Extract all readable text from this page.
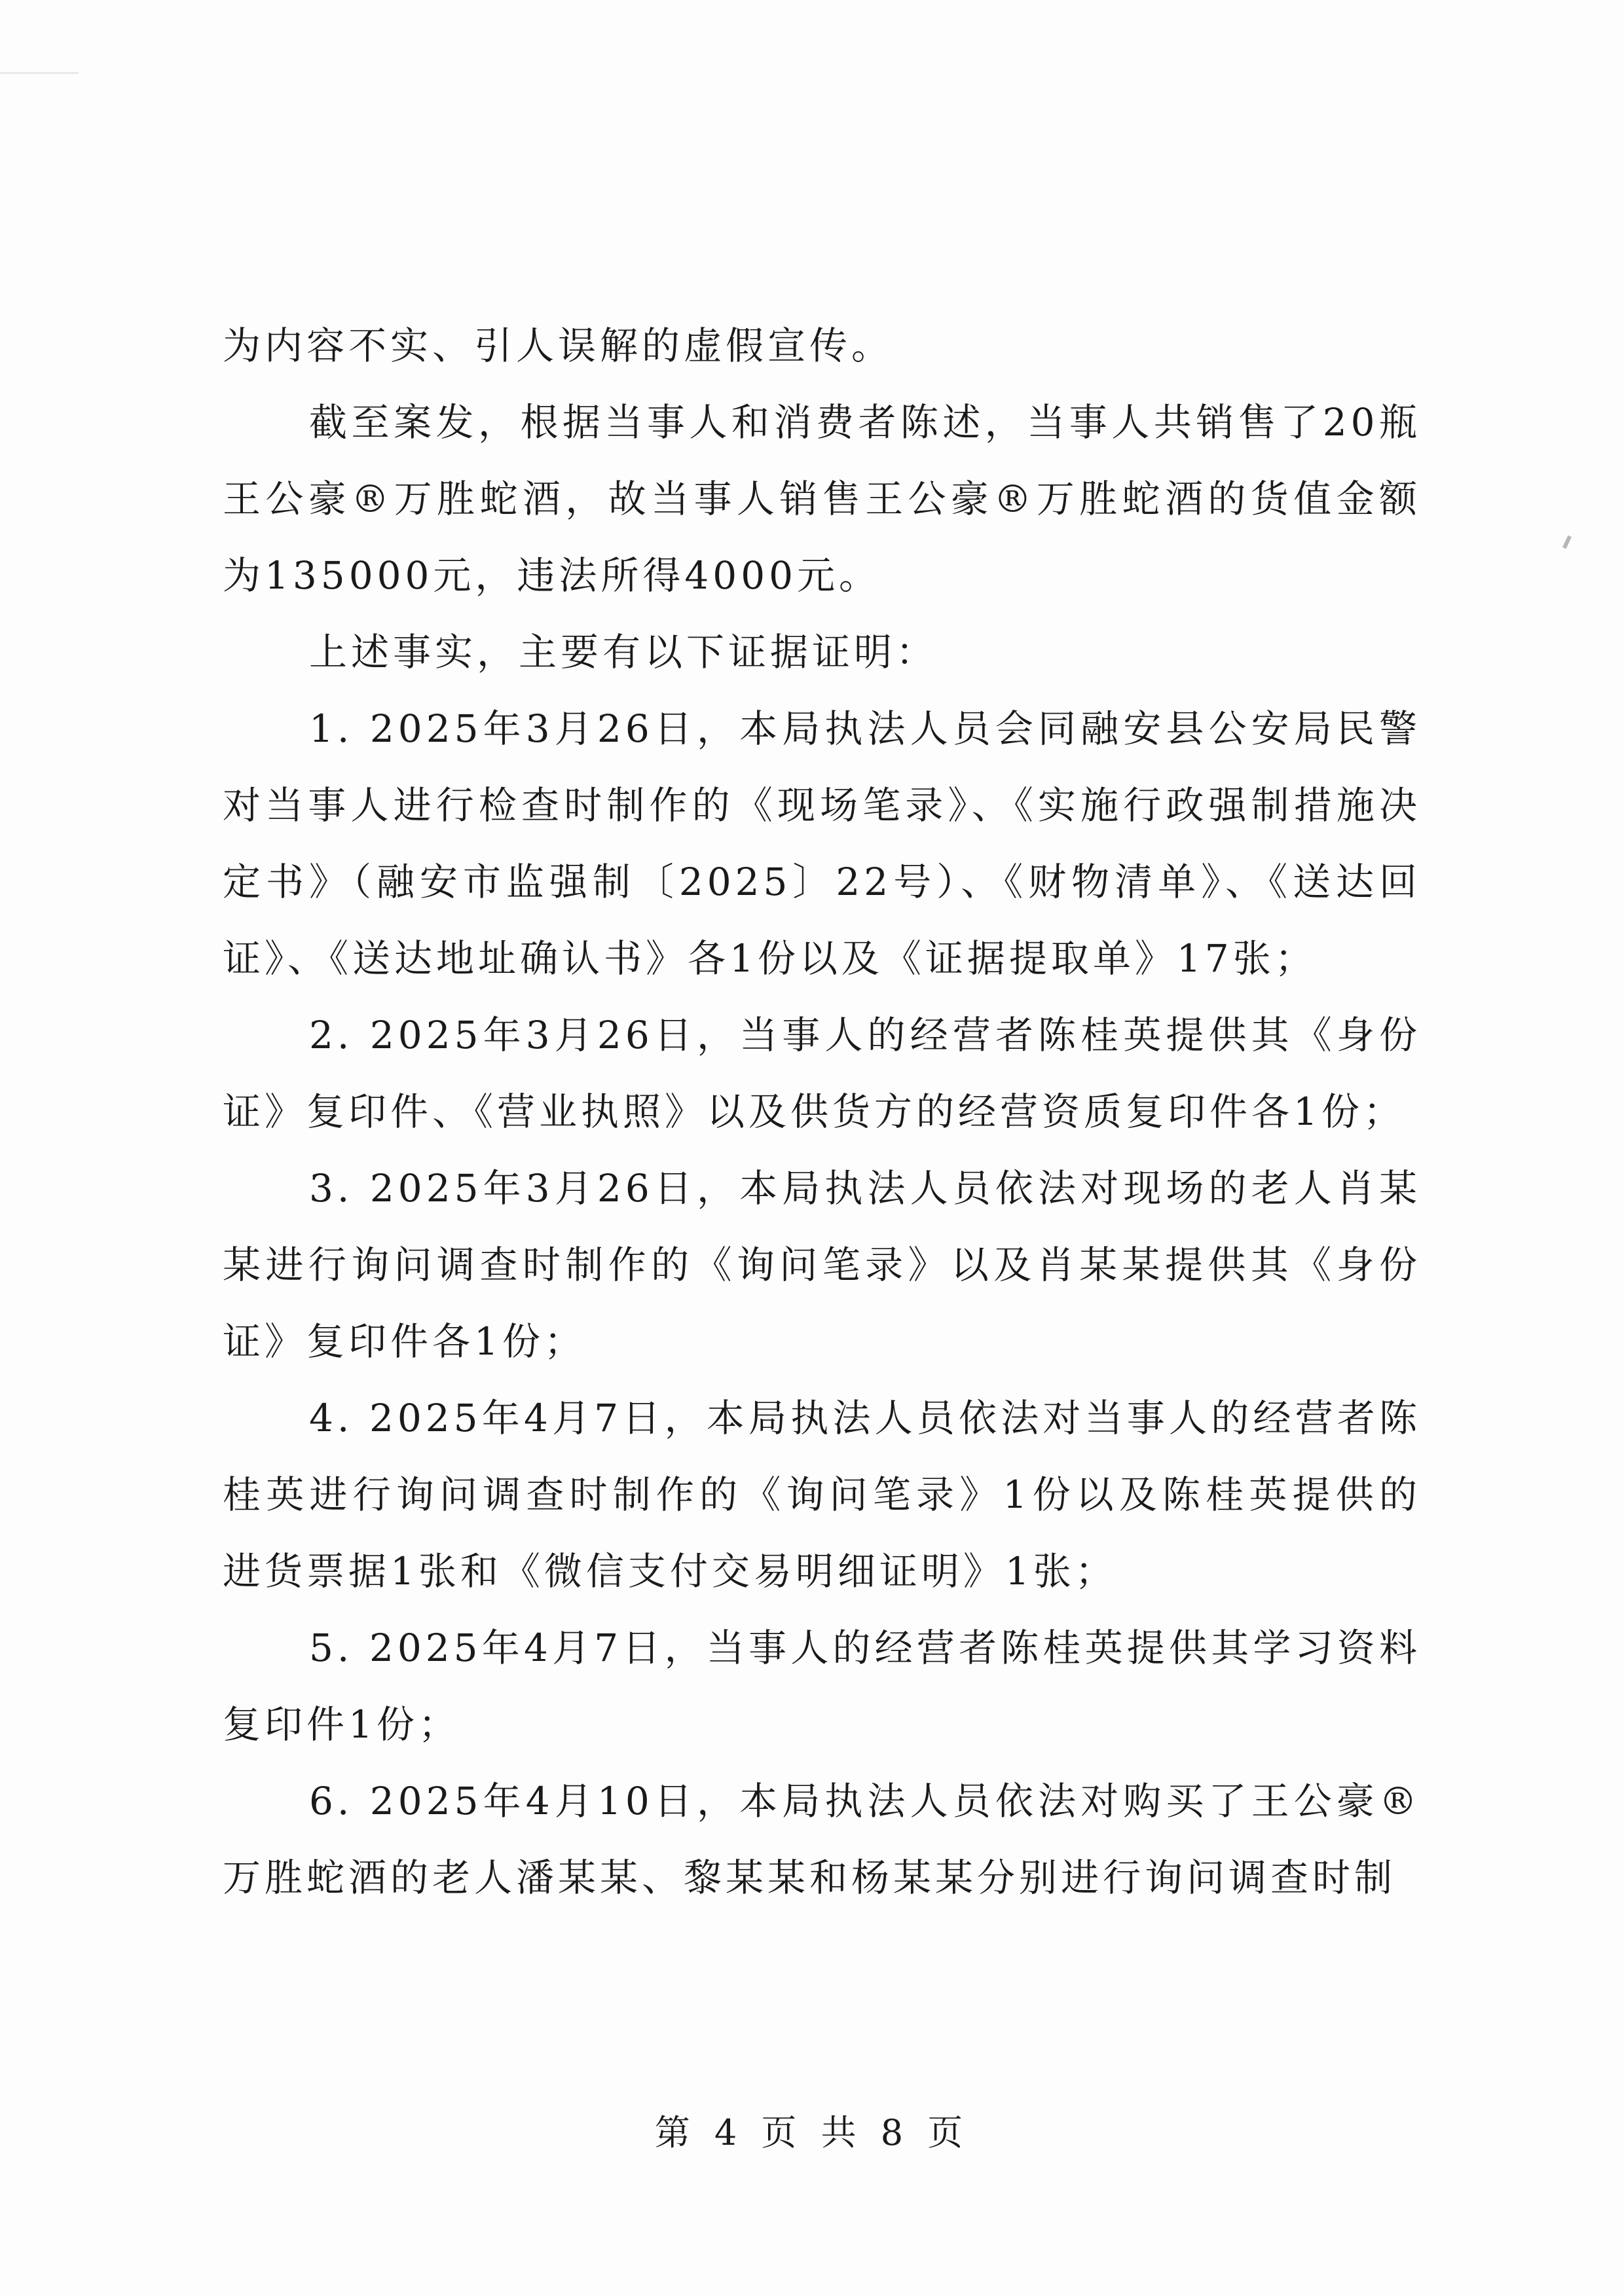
为内容不实、引人误解的虚假宣传。

截至案发，根据当事人和消费者陈述，当事人共销售了20瓶王公豪®万胜蛇酒，故当事人销售王公豪®万胜蛇酒的货值金额为135000元，违法所得4000元。

上述事实，主要有以下证据证明：

1. 2025年3月26日，本局执法人员会同融安县公安局民警对当事人进行检查时制作的《现场笔录》、《实施行政强制措施决定书》（融安市监强制〔2025〕22号）、《财物清单》、《送达回证》、《送达地址确认书》各1份以及《证据提取单》17张；

2. 2025年3月26日，当事人的经营者陈桂英提供其《身份证》复印件、《营业执照》以及供货方的经营资质复印件各1份；

3. 2025年3月26日，本局执法人员依法对现场的老人肖某某进行询问调查时制作的《询问笔录》以及肖某某提供其《身份证》复印件各1份；

4. 2025年4月7日，本局执法人员依法对当事人的经营者陈桂英进行询问调查时制作的《询问笔录》1份以及陈桂英提供的进货票据1张和《微信支付交易明细证明》1张；

5. 2025年4月7日，当事人的经营者陈桂英提供其学习资料复印件1份；

6. 2025年4月10日，本局执法人员依法对购买了王公豪®万胜蛇酒的老人潘某某、黎某某和杨某某分别进行询问调查时制

第 4 页 共 8 页
